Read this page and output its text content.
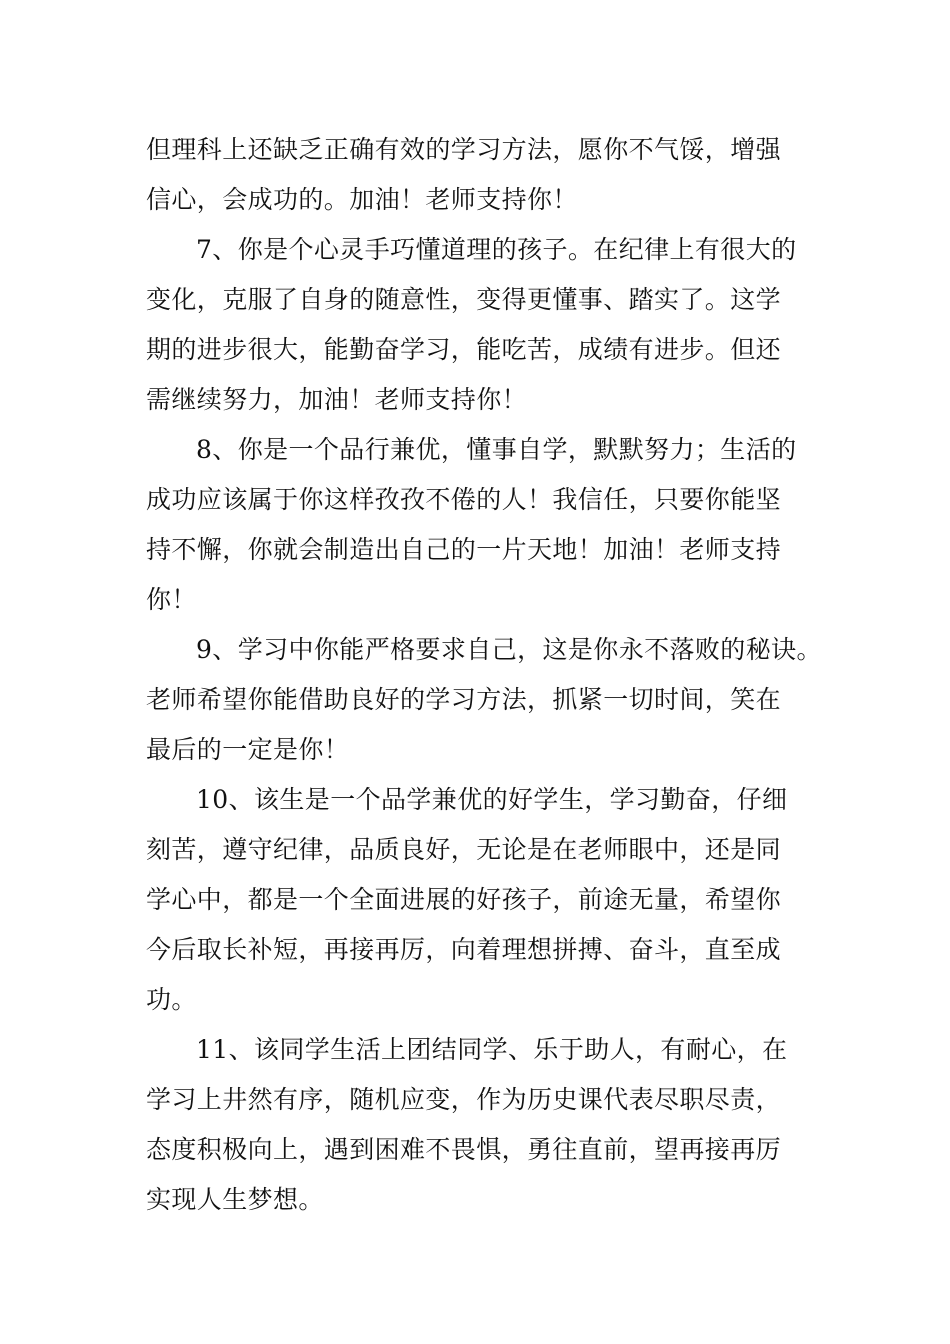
但理科上还缺乏正确有效的学习方法，愿你不气馁，增强
信心，会成功的。加油！老师支持你！
7、你是个心灵手巧懂道理的孩子。在纪律上有很大的
变化，克服了自身的随意性，变得更懂事、踏实了。这学
期的进步很大，能勤奋学习，能吃苦，成绩有进步。但还
需继续努力，加油！老师支持你！
8、你是一个品行兼优，懂事自学，默默努力；生活的
成功应该属于你这样孜孜不倦的人！我信任，只要你能坚
持不懈，你就会制造出自己的一片天地！加油！老师支持
你！
9、学习中你能严格要求自己，这是你永不落败的秘诀。
老师希望你能借助良好的学习方法，抓紧一切时间，笑在
最后的一定是你！
10、该生是一个品学兼优的好学生，学习勤奋，仔细
刻苦，遵守纪律，品质良好，无论是在老师眼中，还是同
学心中，都是一个全面进展的好孩子，前途无量，希望你
今后取长补短，再接再厉，向着理想拼搏、奋斗，直至成
功。
11、该同学生活上团结同学、乐于助人，有耐心，在
学习上井然有序，随机应变，作为历史课代表尽职尽责，
态度积极向上，遇到困难不畏惧，勇往直前，望再接再厉
实现人生梦想。
